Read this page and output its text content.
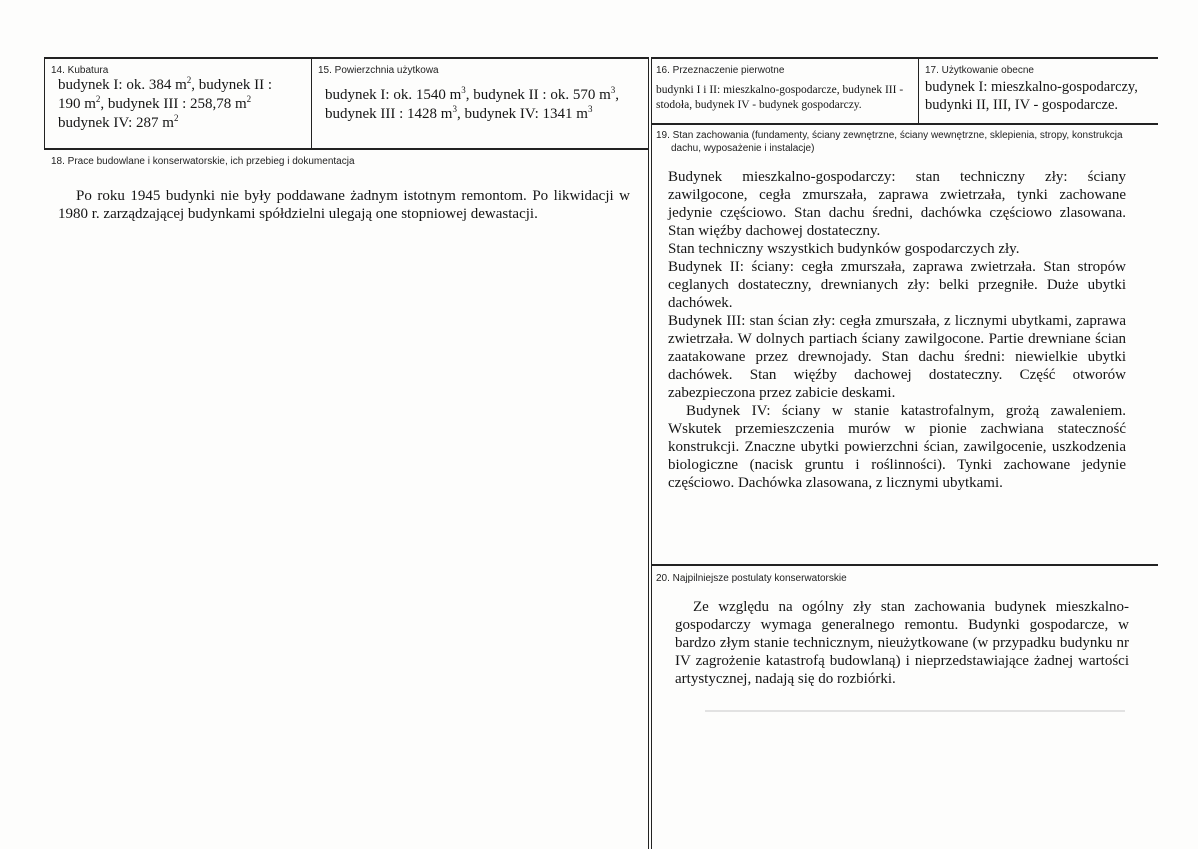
14. Kubatura
budynek I: ok. 384 $m^2$, budynek II :
190 $m^2$, budynek III : 258,78 $m^2$
budynek IV: 287 $m^2$
15. Powierzchnia użytkowa
budynek I: ok. 1540 $m^3$, budynek II : ok. 570 $m^3$,
budynek III : 1428 $m^3$, budynek IV: 1341 $m^3$
16. Przeznaczenie pierwotne
budynki I i II: mieszkalno-gospodarcze, budynek III - stodoła, budynek IV - budynek gospodarczy.
17. Użytkowanie obecne
budynek I: mieszkalno-gospodarczy, budynki II, III, IV - gospodarcze.
18. Prace budowlane i konserwatorskie, ich przebieg i dokumentacja

Po roku 1945 budynki nie były poddawane żadnym istotnym remontom. Po likwidacji w 1980 r. zarządzającej budynkami spółdzielni ulegają one stopniowej dewastacji.

19. Stan zachowania (fundamenty, ściany zewnętrzne, ściany wewnętrzne, sklepienia, stropy, konstrukcja
dachu, wyposażenie i instalacje)

Budynek mieszkalno-gospodarczy: stan techniczny zły: ściany zawilgocone, cegła zmurszała, zaprawa zwietrzała, tynki zachowane jedynie częściowo. Stan dachu średni, dachówka częściowo zlasowana. Stan więźby dachowej dostateczny.

Stan techniczny wszystkich budynków gospodarczych zły.

Budynek II: ściany: cegła zmurszała, zaprawa zwietrzała. Stan stropów ceglanych dostateczny, drewnianych zły: belki przegniłe. Duże ubytki dachówek.

Budynek III: stan ścian zły: cegła zmurszała, z licznymi ubytkami, zaprawa zwietrzała. W dolnych partiach ściany zawilgocone. Partie drewniane ścian zaatakowane przez drewnojady. Stan dachu średni: niewielkie ubytki dachówek. Stan więźby dachowej dostateczny. Część otworów zabezpieczona przez zabicie deskami.

Budynek IV: ściany w stanie katastrofalnym, grożą zawaleniem. Wskutek przemieszczenia murów w pionie zachwiana stateczność konstrukcji. Znaczne ubytki powierzchni ścian, zawilgocenie, uszkodzenia biologiczne (nacisk gruntu i roślinności). Tynki zachowane jedynie częściowo. Dachówka zlasowana, z licznymi ubytkami.

20. Najpilniejsze postulaty konserwatorskie

Ze względu na ogólny zły stan zachowania budynek mieszkalno-gospodarczy wymaga generalnego remontu. Budynki gospodarcze, w bardzo złym stanie technicznym, nieużytkowane (w przypadku budynku nr IV zagrożenie katastrofą budowlaną) i nieprzedstawiające żadnej wartości artystycznej, nadają się do rozbiórki.
